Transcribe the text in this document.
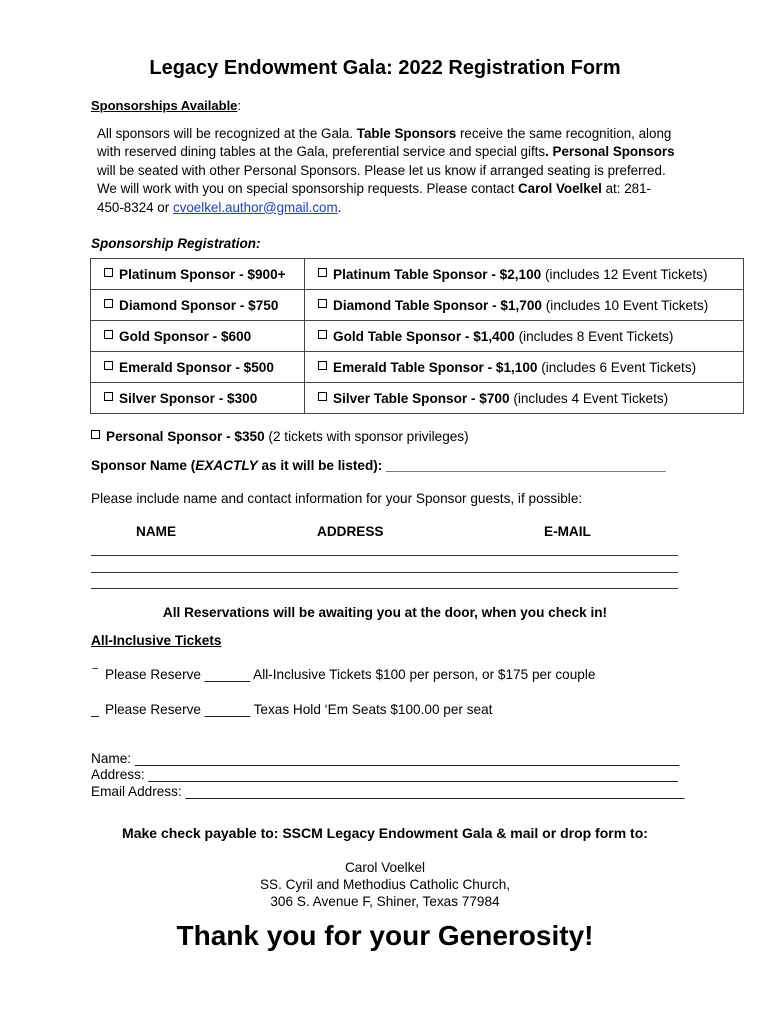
Legacy Endowment Gala: 2022 Registration Form
Sponsorships Available:
All sponsors will be recognized at the Gala. Table Sponsors receive the same recognition, along with reserved dining tables at the Gala, preferential service and special gifts. Personal Sponsors will be seated with other Personal Sponsors. Please let us know if arranged seating is preferred. We will work with you on special sponsorship requests. Please contact Carol Voelkel at: 281-450-8324 or cvoelkel.author@gmail.com.
Sponsorship Registration:
Platinum Sponsor - $900+	Platinum Table Sponsor - $2,100 (includes 12 Event Tickets)
Diamond Sponsor - $750	Diamond Table Sponsor - $1,700 (includes 10 Event Tickets)
Gold Sponsor - $600	Gold Table Sponsor - $1,400 (includes 8 Event Tickets)
Emerald Sponsor - $500	Emerald Table Sponsor - $1,100 (includes 6 Event Tickets)
Silver Sponsor - $300	Silver Table Sponsor - $700 (includes 4 Event Tickets)
Personal Sponsor - $350 (2 tickets with sponsor privileges)
Sponsor Name (EXACTLY as it will be listed): _____________________________________
Please include name and contact information for your Sponsor guests, if possible:
NAME	ADDRESS	E-MAIL
All Reservations will be awaiting you at the door, when you check in!
All-Inclusive Tickets
‾ Please Reserve ______ All-Inclusive Tickets $100 per person, or $175 per couple
_ Please Reserve ______ Texas Hold ‘Em Seats $100.00 per seat
Name: ________________________________________________________________________
Address: ______________________________________________________________________
Email Address: __________________________________________________________________
Make check payable to: SSCM Legacy Endowment Gala & mail or drop form to:
Carol Voelkel
SS. Cyril and Methodius Catholic Church,
306 S. Avenue F, Shiner, Texas 77984
Thank you for your Generosity!
